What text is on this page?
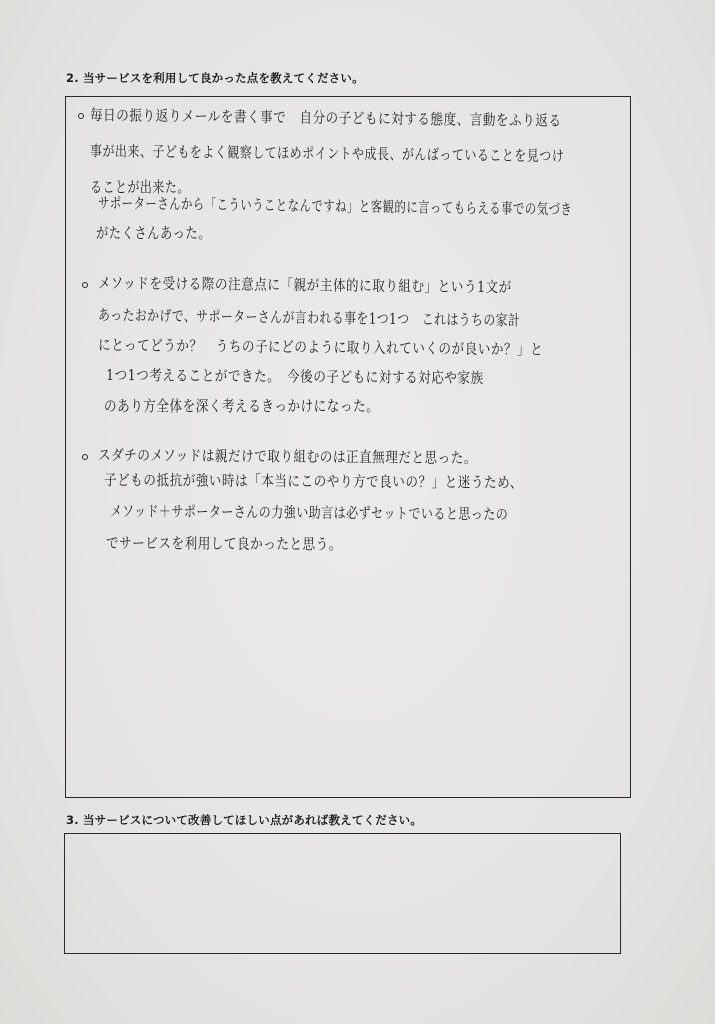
2. 当サービスを利用して良かった点を教えてください。
毎日の振り返りメールを書く事で　自分の子どもに対する態度、言動をふり返る
事が出来、子どもをよく観察してほめポイントや成長、がんばっていることを見つけ
ることが出来た。
サポーターさんから「こういうことなんですね」と客観的に言ってもらえる事での気づき
がたくさんあった。
メソッドを受ける際の注意点に「親が主体的に取り組む」という1文が
あったおかげで、サポーターさんが言われる事を1つ1つ　これはうちの家計
にとってどうか？　うちの子にどのように取り入れていくのが良いか？」と
1つ1つ考えることができた。　今後の子どもに対する対応や家族
のあり方全体を深く考えるきっかけになった。
スダチのメソッドは親だけで取り組むのは正直無理だと思った。
子どもの抵抗が強い時は「本当にこのやり方で良いの？」と迷うため、
メソッド＋サポーターさんの力強い助言は必ずセットでいると思ったの
でサービスを利用して良かったと思う。
3. 当サービスについて改善してほしい点があれば教えてください。
